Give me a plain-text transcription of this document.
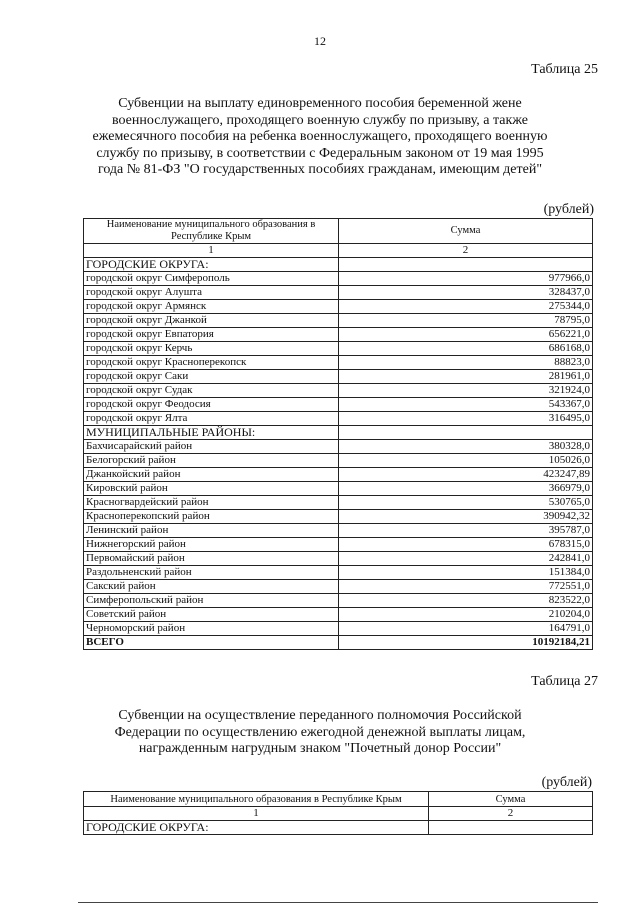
12
Таблица 25
Субвенции на выплату единовременного пособия беременной жене военнослужащего, проходящего военную службу по призыву, а также ежемесячного пособия на ребенка военнослужащего, проходящего военную службу по призыву, в соответствии с Федеральным законом от 19 мая 1995 года № 81-ФЗ "О государственных пособиях гражданам, имеющим детей"
(рублей)
Наименование муниципального образования в Республике Крым	Сумма
1	2
ГОРОДСКИЕ ОКРУГА:	
городской округ Симферополь	977966,0
городской округ Алушта	328437,0
городской округ Армянск	275344,0
городской округ Джанкой	78795,0
городской округ Евпатория	656221,0
городской округ Керчь	686168,0
городской округ Красноперекопск	88823,0
городской округ Саки	281961,0
городской округ Судак	321924,0
городской округ Феодосия	543367,0
городской округ Ялта	316495,0
МУНИЦИПАЛЬНЫЕ РАЙОНЫ:	
Бахчисарайский район	380328,0
Белогорский район	105026,0
Джанкойский район	423247,89
Кировский район	366979,0
Красногвардейский район	530765,0
Красноперекопский район	390942,32
Ленинский район	395787,0
Нижнегорский район	678315,0
Первомайский район	242841,0
Раздольненский район	151384,0
Сакский район	772551,0
Симферопольский район	823522,0
Советский район	210204,0
Черноморский район	164791,0
ВСЕГО	10192184,21
Таблица 27
Субвенции на осуществление переданного полномочия Российской Федерации по осуществлению ежегодной денежной выплаты лицам, награжденным нагрудным знаком "Почетный донор России"
(рублей)
Наименование муниципального образования в Республике Крым	Сумма
1	2
ГОРОДСКИЕ ОКРУГА:	
